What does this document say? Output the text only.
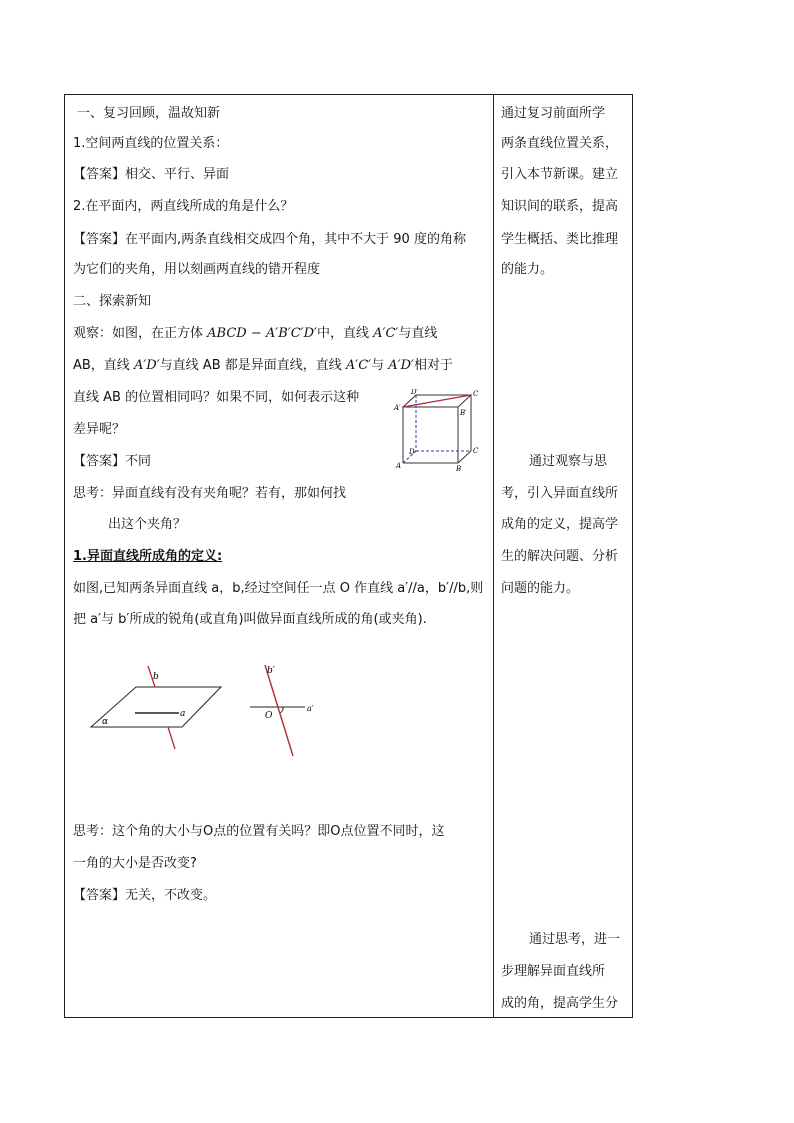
一、复习回顾，温故知新
1.空间两直线的位置关系：
【答案】相交、平行、异面
2.在平面内，两直线所成的角是什么？
【答案】在平面内,两条直线相交成四个角，其中不大于 90 度的角称
为它们的夹角，用以刻画两直线的错开程度
二、探索新知
观察：如图，在正方体 ABCD − A′B′C′D′中，直线 A′C′与直线
AB，直线 A′D′与直线 AB 都是异面直线，直线 A′C′与 A′D′相对于
直线 AB 的位置相同吗？如果不同，如何表示这种
差异呢？
【答案】不同
思考：异面直线有没有夹角呢？若有，那如何找
出这个夹角？
1.异面直线所成角的定义:
如图,已知两条异面直线 a，b,经过空间任一点 O 作直线 a′//a，b′//b,则
把 a′与 b′所成的锐角(或直角)叫做异面直线所成的角(或夹角).
思考：这个角的大小与O点的位置有关吗？即O点位置不同时，这
一角的大小是否改变?
【答案】无关，不改变。
D′	C
A′
B′
D	C
A	B
b
a
α
b′
O
a′
通过复习前面所学
两条直线位置关系，
引入本节新课。建立
知识间的联系，提高
学生概括、类比推理
的能力。
通过观察与思
考，引入异面直线所
成角的定义，提高学
生的解决问题、分析
问题的能力。
通过思考，进一
步理解异面直线所
成的角，提高学生分
